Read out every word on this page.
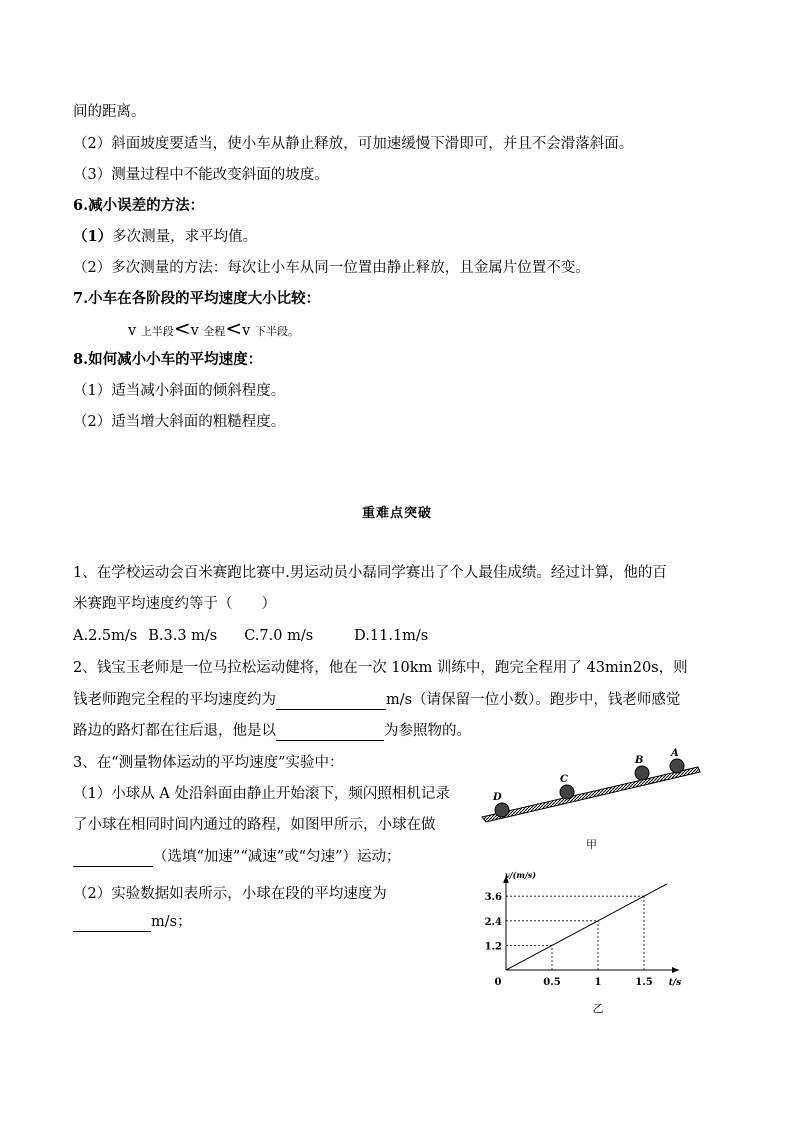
间的距离。
（2）斜面坡度要适当，使小车从静止释放，可加速缓慢下滑即可，并且不会滑落斜面。
（3）测量过程中不能改变斜面的坡度。
6.减小误差的方法：
（1）多次测量，求平均值。
（2）多次测量的方法：每次让小车从同一位置由静止释放，且金属片位置不变。
7.小车在各阶段的平均速度大小比较：
v 上半段<v 全程<v 下半段。
8.如何减小小车的平均速度：
（1）适当减小斜面的倾斜程度。
（2）适当增大斜面的粗糙程度。
重难点突破
1、在学校运动会百米赛跑比赛中.男运动员小磊同学赛出了个人最佳成绩。经过计算，他的百
米赛跑平均速度约等于（　　）
A.2.5m/s B.3.3 m/s C.7.0 m/s	D.11.1m/s
2、钱宝玉老师是一位马拉松运动健将，他在一次 10km 训练中，跑完全程用了 43min20s，则
钱老师跑完全程的平均速度约为	m/s（请保留一位小数）。跑步中，钱老师感觉
路边的路灯都在往后退，他是以	为参照物的。
3、在“测量物体运动的平均速度”实验中：
（1）小球从 A 处沿斜面由静止开始滚下，频闪照相机记录
了小球在相同时间内通过的路程，如图甲所示，小球在做
（选填“加速”“减速”或“匀速”）运动；
（2）实验数据如表所示，小球在段的平均速度为
m/s；
D
C
B
A
甲
0.5
1.2
1
2.4
1.5
3.6
0	t/s
v/(m/s)
乙
